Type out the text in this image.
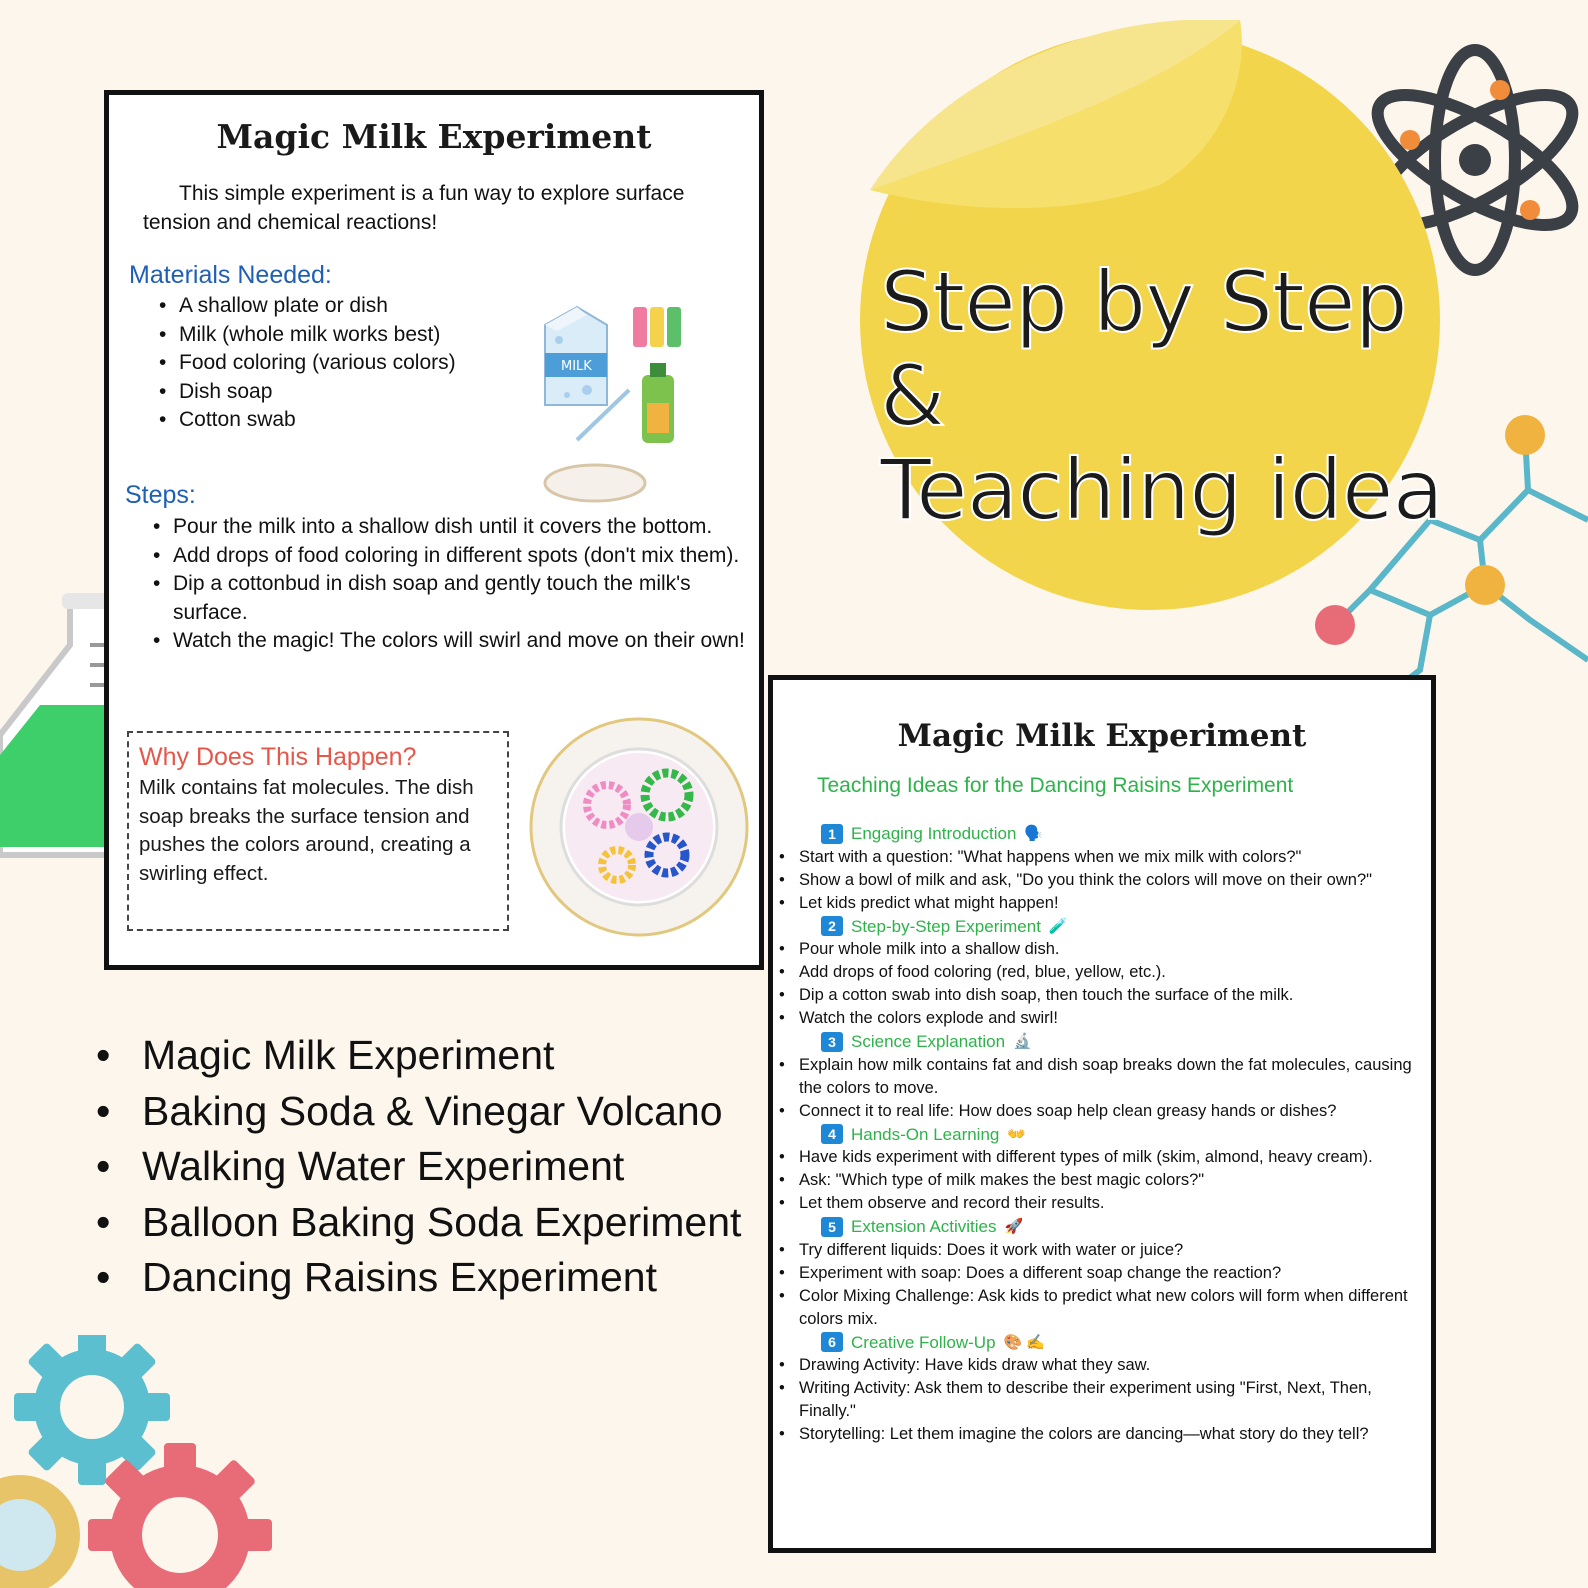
Step by Step &
Teaching idea
Magic Milk Experiment
This simple experiment is a fun way to explore surface tension and chemical reactions!
Materials Needed:
• A shallow plate or dish
• Milk (whole milk works best)
• Food coloring (various colors)
• Dish soap
• Cotton swab
MILK
Steps:
• Pour the milk into a shallow dish until it covers the bottom.
• Add drops of food coloring in different spots (don't mix them).
• Dip a cottonbud in dish soap and gently touch the milk's surface.
• Watch the magic! The colors will swirl and move on their own!
Why Does This Happen?
Milk contains fat molecules. The dish soap breaks the surface tension and pushes the colors around, creating a swirling effect.
Magic Milk Experiment
Teaching Ideas for the Dancing Raisins Experiment
1 Engaging Introduction 🗣️
• Start with a question: "What happens when we mix milk with colors?"
• Show a bowl of milk and ask, "Do you think the colors will move on their own?"
• Let kids predict what might happen!
2 Step-by-Step Experiment 🧪
• Pour whole milk into a shallow dish.
• Add drops of food coloring (red, blue, yellow, etc.).
• Dip a cotton swab into dish soap, then touch the surface of the milk.
• Watch the colors explode and swirl!
3 Science Explanation 🔬
• Explain how milk contains fat and dish soap breaks down the fat molecules, causing the colors to move.
• Connect it to real life: How does soap help clean greasy hands or dishes?
4 Hands-On Learning 👐
• Have kids experiment with different types of milk (skim, almond, heavy cream).
• Ask: "Which type of milk makes the best magic colors?"
• Let them observe and record their results.
5 Extension Activities 🚀
• Try different liquids: Does it work with water or juice?
• Experiment with soap: Does a different soap change the reaction?
• Color Mixing Challenge: Ask kids to predict what new colors will form when different colors mix.
6 Creative Follow-Up 🎨 ✍️
• Drawing Activity: Have kids draw what they saw.
• Writing Activity: Ask them to describe their experiment using "First, Next, Then, Finally."
• Storytelling: Let them imagine the colors are dancing—what story do they tell?
• Magic Milk Experiment
• Baking Soda & Vinegar Volcano
• Walking Water Experiment
• Balloon Baking Soda Experiment
• Dancing Raisins Experiment
